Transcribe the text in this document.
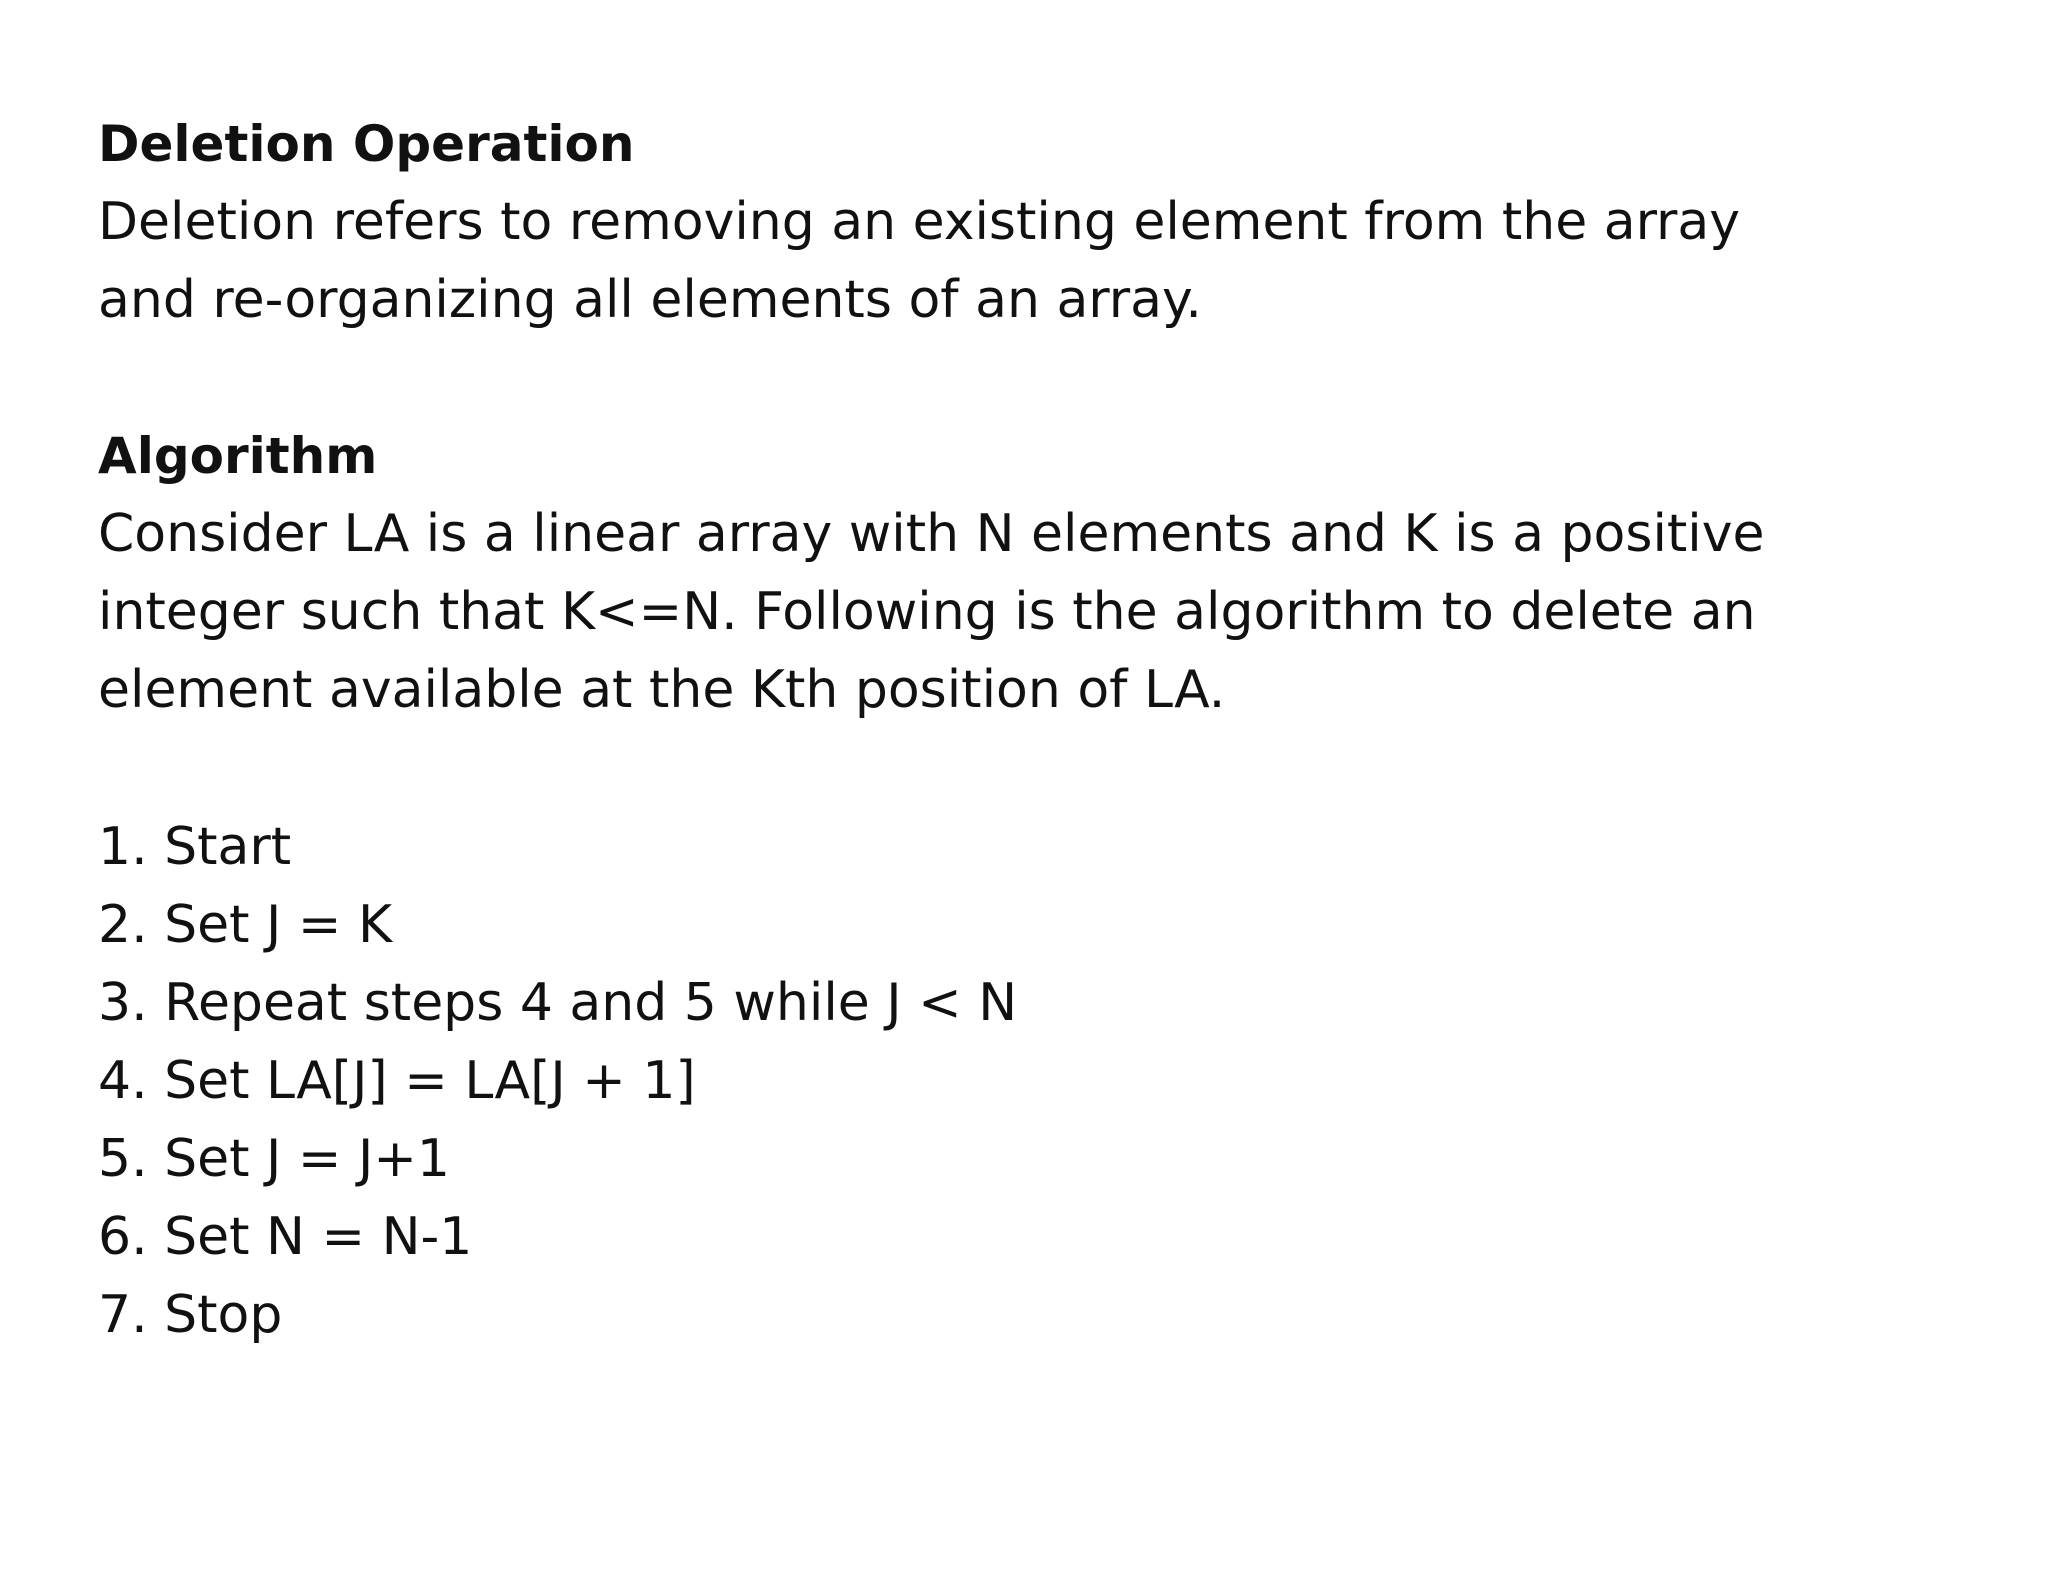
Deletion Operation

Deletion refers to removing an existing element from the array
and re-organizing all elements of an array.

Algorithm

Consider LA is a linear array with N elements and K is a positive
integer such that K<=N. Following is the algorithm to delete an
element available at the Kth position of LA.

1. Start
2. Set J = K
3. Repeat steps 4 and 5 while J < N
4. Set LA[J] = LA[J + 1]
5. Set J = J+1
6. Set N = N-1
7. Stop
